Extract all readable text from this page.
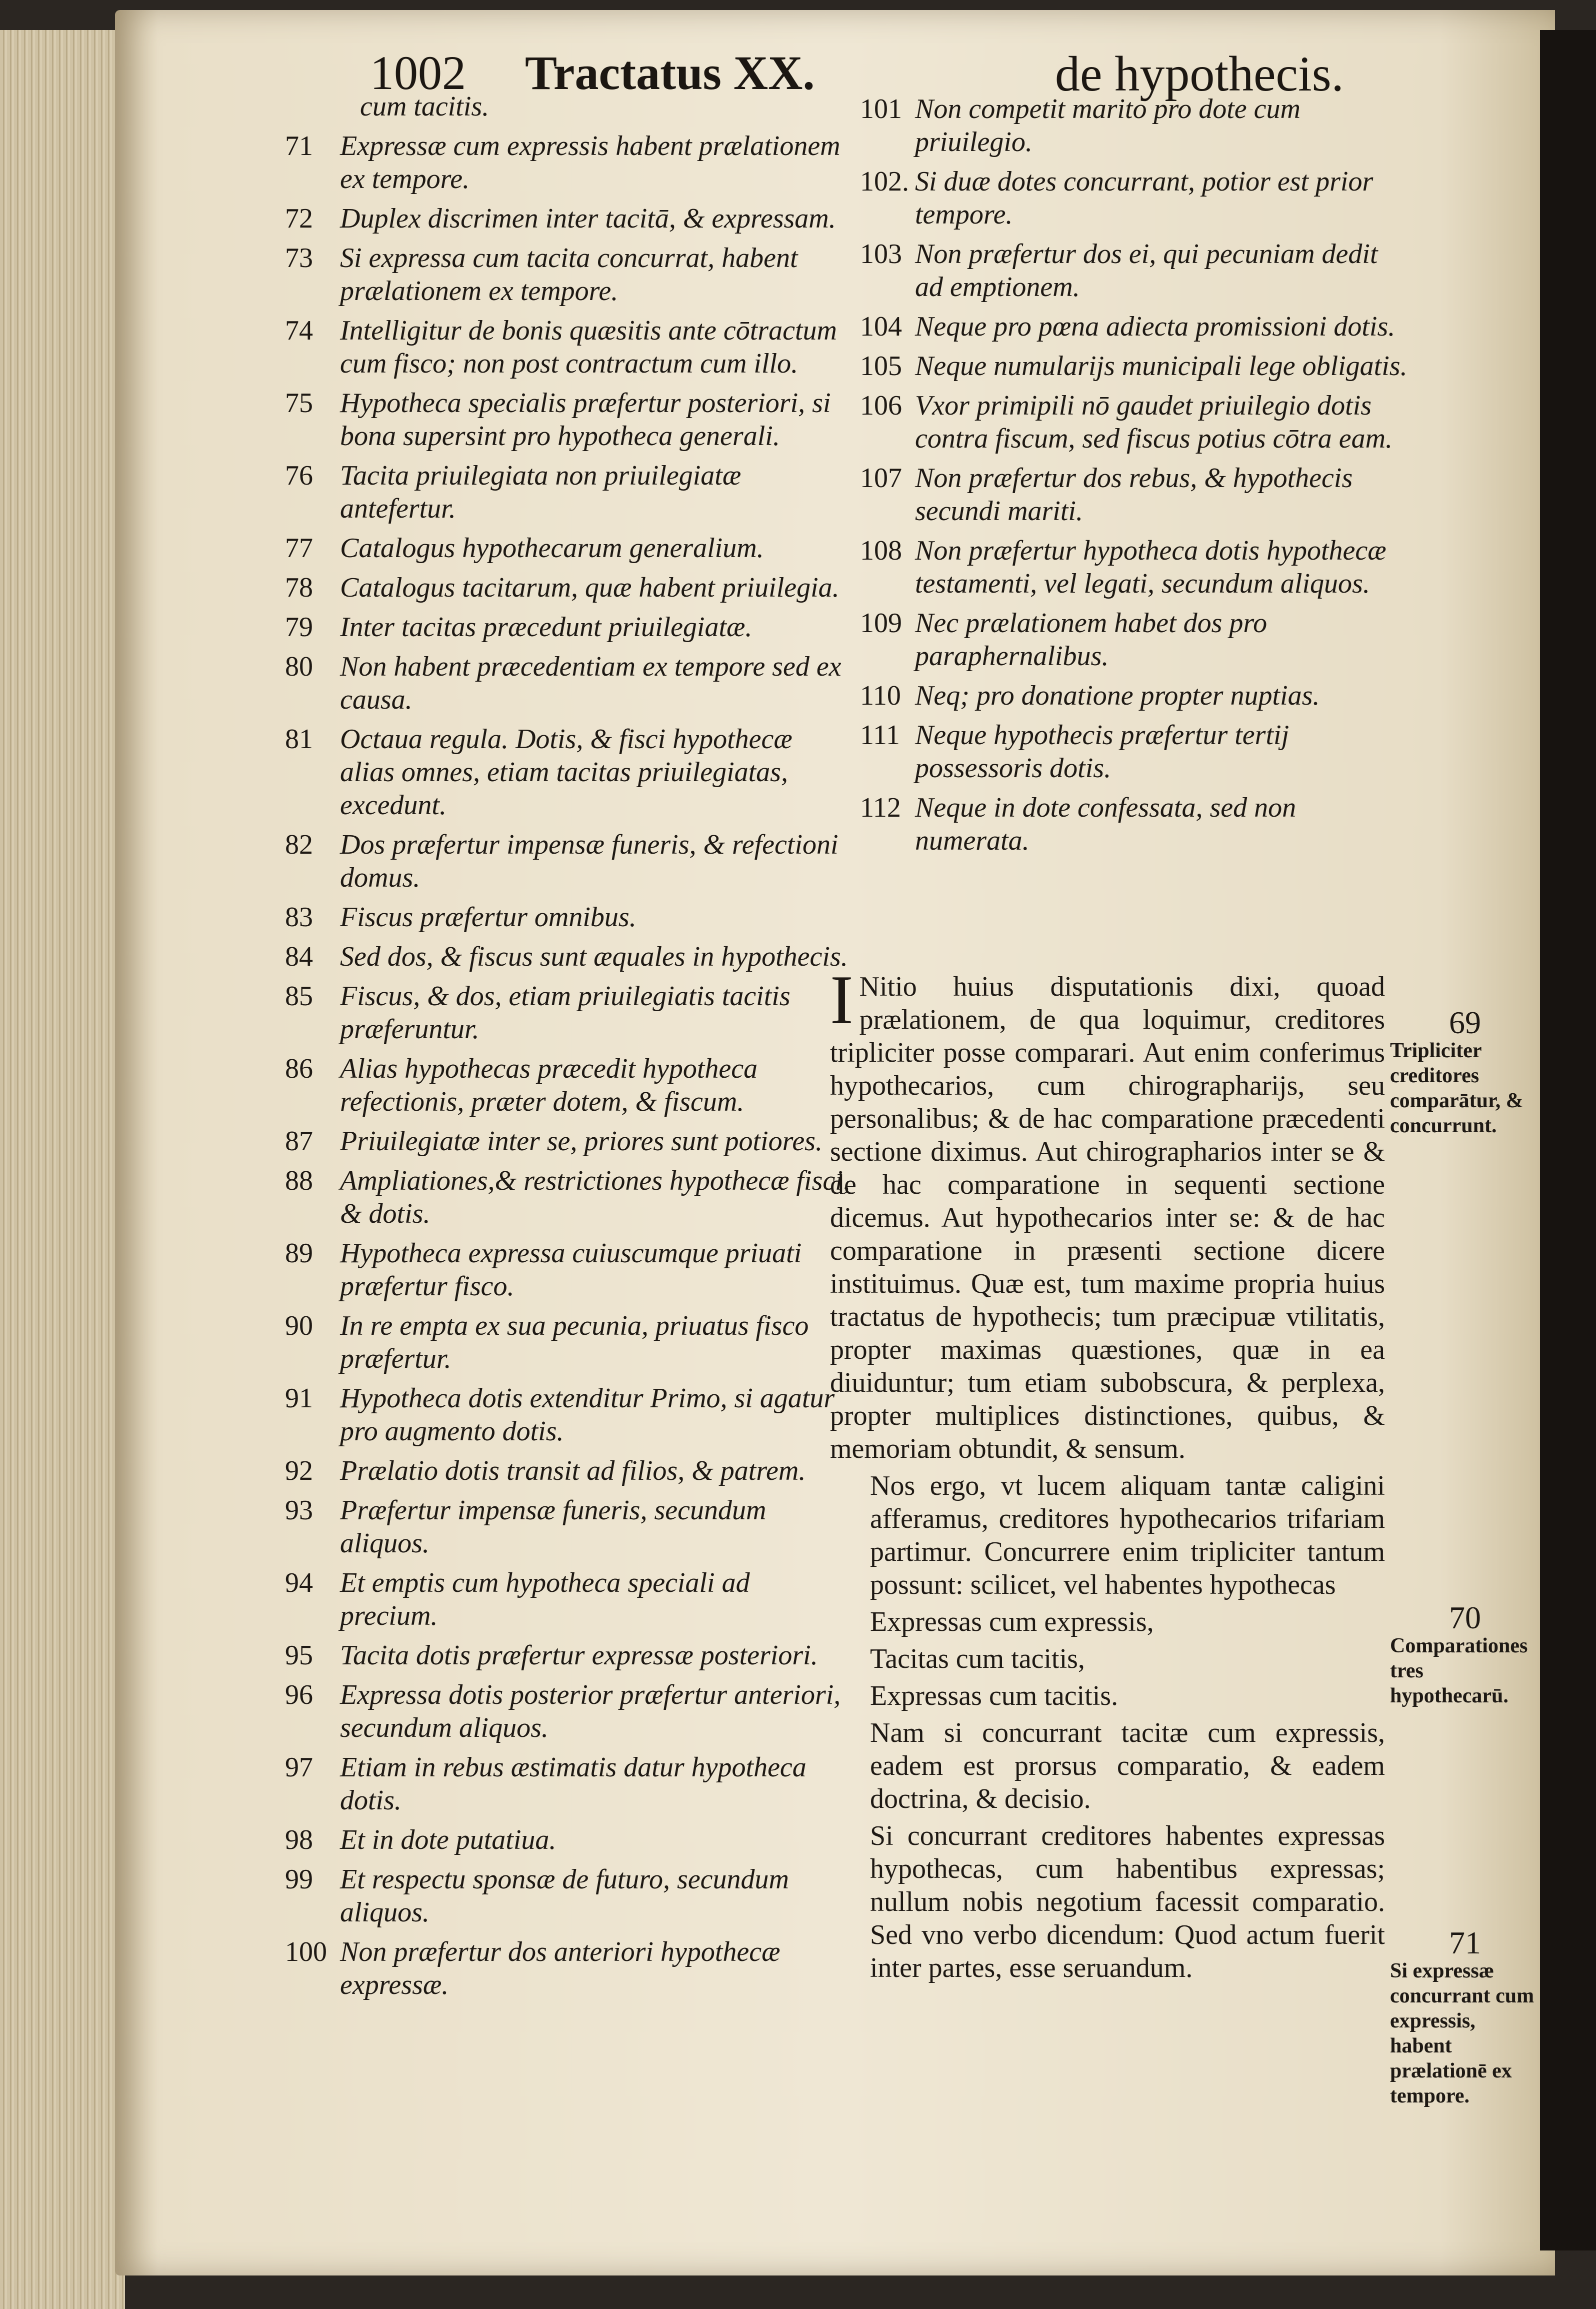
1002 Tractatus XX.	de hypothecis.
cum tacitis.
71 Expressæ cum expressis habent prælationem ex tempore.
72 Duplex discrimen inter tacitā, & expressam.
73 Si expressa cum tacita concurrat, habent prælationem ex tempore.
74 Intelligitur de bonis quæsitis ante cōtractum cum fisco; non post contractum cum illo.
75 Hypotheca specialis præfertur posteriori, si bona supersint pro hypotheca generali.
76 Tacita priuilegiata non priuilegiatæ antefertur.
77 Catalogus hypothecarum generalium.
78 Catalogus tacitarum, quæ habent priuilegia.
79 Inter tacitas præcedunt priuilegiatæ.
80 Non habent præcedentiam ex tempore sed ex causa.
81 Octaua regula. Dotis, & fisci hypothecæ alias omnes, etiam tacitas priuilegiatas, excedunt.
82 Dos præfertur impensæ funeris, & refectioni domus.
83 Fiscus præfertur omnibus.
84 Sed dos, & fiscus sunt æquales in hypothecis.
85 Fiscus, & dos, etiam priuilegiatis tacitis præferuntur.
86 Alias hypothecas præcedit hypotheca refectionis, præter dotem, & fiscum.
87 Priuilegiatæ inter se, priores sunt potiores.
88 Ampliationes,& restrictiones hypothecæ fisci, & dotis.
89 Hypotheca expressa cuiuscumque priuati præfertur fisco.
90 In re empta ex sua pecunia, priuatus fisco præfertur.
91 Hypotheca dotis extenditur Primo, si agatur pro augmento dotis.
92 Prælatio dotis transit ad filios, & patrem.
93 Præfertur impensæ funeris, secundum aliquos.
94 Et emptis cum hypotheca speciali ad precium.
95 Tacita dotis præfertur expressæ posteriori.
96 Expressa dotis posterior præfertur anteriori, secundum aliquos.
97 Etiam in rebus æstimatis datur hypotheca dotis.
98 Et in dote putatiua.
99 Et respectu sponsæ de futuro, secundum aliquos.
100 Non præfertur dos anteriori hypothecæ expressæ.
101 Non competit marito pro dote cum priuilegio.
102. Si duæ dotes concurrant, potior est prior tempore.
103 Non præfertur dos ei, qui pecuniam dedit ad emptionem.
104 Neque pro pœna adiecta promissioni dotis.
105 Neque numularijs municipali lege obligatis.
106 Vxor primipili nō gaudet priuilegio dotis contra fiscum, sed fiscus potius cōtra eam.
107 Non præfertur dos rebus, & hypothecis secundi mariti.
108 Non præfertur hypotheca dotis hypothecæ testamenti, vel legati, secundum aliquos.
109 Nec prælationem habet dos pro paraphernalibus.
110 Neq; pro donatione propter nuptias.
111 Neque hypothecis præfertur tertij possessoris dotis.
112 Neque in dote confessata, sed non numerata.

I Nitio huius disputationis dixi, quoad prælationem, de qua loquimur, creditores tripliciter posse comparari. Aut enim conferimus hypothecarios, cum chirographarijs, seu personalibus; & de hac comparatione præcedenti sectione diximus. Aut chirographarios inter se & de hac comparatione in sequenti sectione dicemus. Aut hypothecarios inter se: & de hac comparatione in præsenti sectione dicere instituimus. Quæ est, tum maxime propria huius tractatus de hypothecis; tum præcipuæ vtilitatis, propter maximas quæstiones, quæ in ea diuiduntur; tum etiam subobscura, & perplexa, propter multiplices distinctiones, quibus, & memoriam obtundit, & sensum.

Nos ergo, vt lucem aliquam tantæ caligini afferamus, creditores hypothecarios trifariam partimur. Concurrere enim tripliciter tantum possunt: scilicet, vel habentes hypothecas

Expressas cum expressis,

Tacitas cum tacitis,

Expressas cum tacitis.

Nam si concurrant tacitæ cum expressis, eadem est prorsus comparatio, & eadem doctrina, & decisio.

Si concurrant creditores habentes expressas hypothecas, cum habentibus expressas; nullum nobis negotium facessit comparatio. Sed vno verbo dicendum: Quod actum fuerit inter partes, esse seruandum.

69
Tripliciter creditores comparātur, & concurrunt.
70
Comparationes tres hypothecarū.
71
Si expressæ concurrant cum expressis, habent prælationē ex tempore.
